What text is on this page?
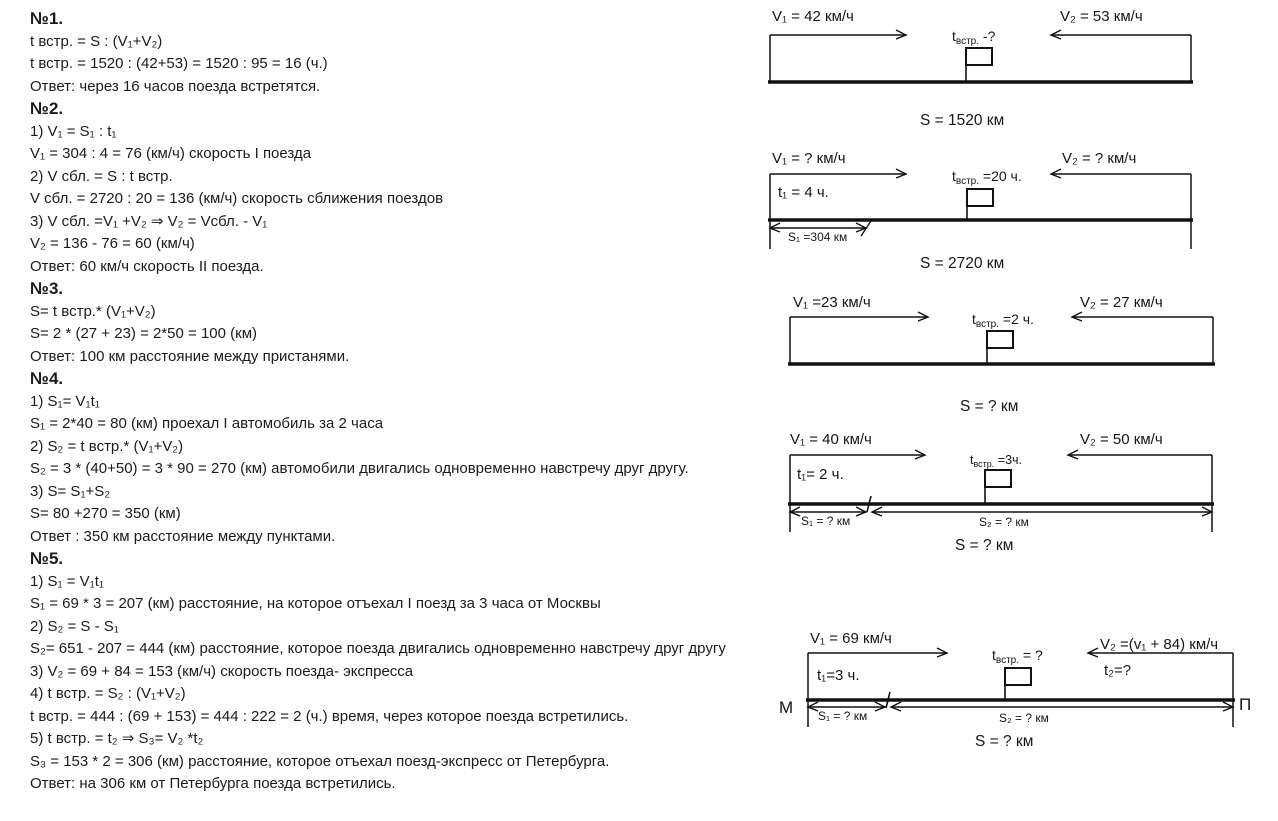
№1.
t встр. = S : (V₁+V₂)
t встр. = 1520 : (42+53) = 1520 : 95 = 16 (ч.)
Ответ: через 16 часов поезда встретятся.
№2.
1) V₁ = S₁ : t₁
V₁ = 304 : 4 = 76 (км/ч) скорость I поезда
2) V сбл. = S : t встр.
V сбл. = 2720 : 20 = 136 (км/ч) скорость сближения поездов
3) V сбл. =V₁ +V₂ ⇒ V₂ = Vсбл. - V₁
V₂ = 136 - 76 = 60 (км/ч)
Ответ: 60 км/ч скорость II поезда.
№3.
S= t встр.* (V₁+V₂)
S= 2 * (27 + 23) = 2*50 = 100 (км)
Ответ: 100 км расстояние между пристанями.
№4.
1) S₁= V₁t₁
S₁ = 2*40 = 80 (км) проехал I автомобиль за 2 часа
2) S₂ = t встр.* (V₁+V₂)
S₂ = 3 * (40+50) = 3 * 90 = 270 (км) автомобили двигались одновременно навстречу друг другу.
3) S= S₁+S₂
S= 80 +270 = 350 (км)
Ответ : 350 км расстояние между пунктами.
№5.
1) S₁ = V₁t₁
S₁ = 69 * 3 = 207 (км) расстояние, на которое отъехал I поезд за 3 часа от Москвы
2) S₂ = S - S₁
S₂= 651 - 207 = 444 (км) расстояние, которое поезда двигались одновременно навстречу друг другу
3) V₂ = 69 + 84 = 153 (км/ч) скорость поезда- экспресса
4) t встр. = S₂ : (V₁+V₂)
t встр. = 444 : (69 + 153) = 444 : 222 = 2 (ч.) время, через которое поезда встретились.
5) t встр. = t₂ ⇒ S₃= V₂ *t₂
S₃ = 153 * 2 = 306 (км) расстояние, которое отъехал поезд-экспресс от Петербурга.
Ответ: на 306 км от Петербурга поезда встретились.
V₁ = 42 км/ч
$t_{встр.}$ -?
V₂ = 53 км/ч
S = 1520 км
V₁ = ? км/ч
$t_{встр.} =20$ ч.
V₂ = ? км/ч
t₁ = 4 ч.
S₁ =304 км
S = 2720 км
V₁ =23 км/ч
$t_{встр.} =2$ ч.
V₂ = 27 км/ч
S = ? км
V₁ = 40 км/ч
$t_{встр.} =3ч$.
V₂ = 50 км/ч
t₁= 2 ч.
S₁ = ? км	S₂ = ? км
S = ? км
V₁ = 69 км/ч
$t_{встр.}$ = ?
V₂ =(v₁ + 84) км/ч
t₁=3 ч.	t₂=?
S₁ = ? км	S₂ = ? км
S = ? км
М	П
